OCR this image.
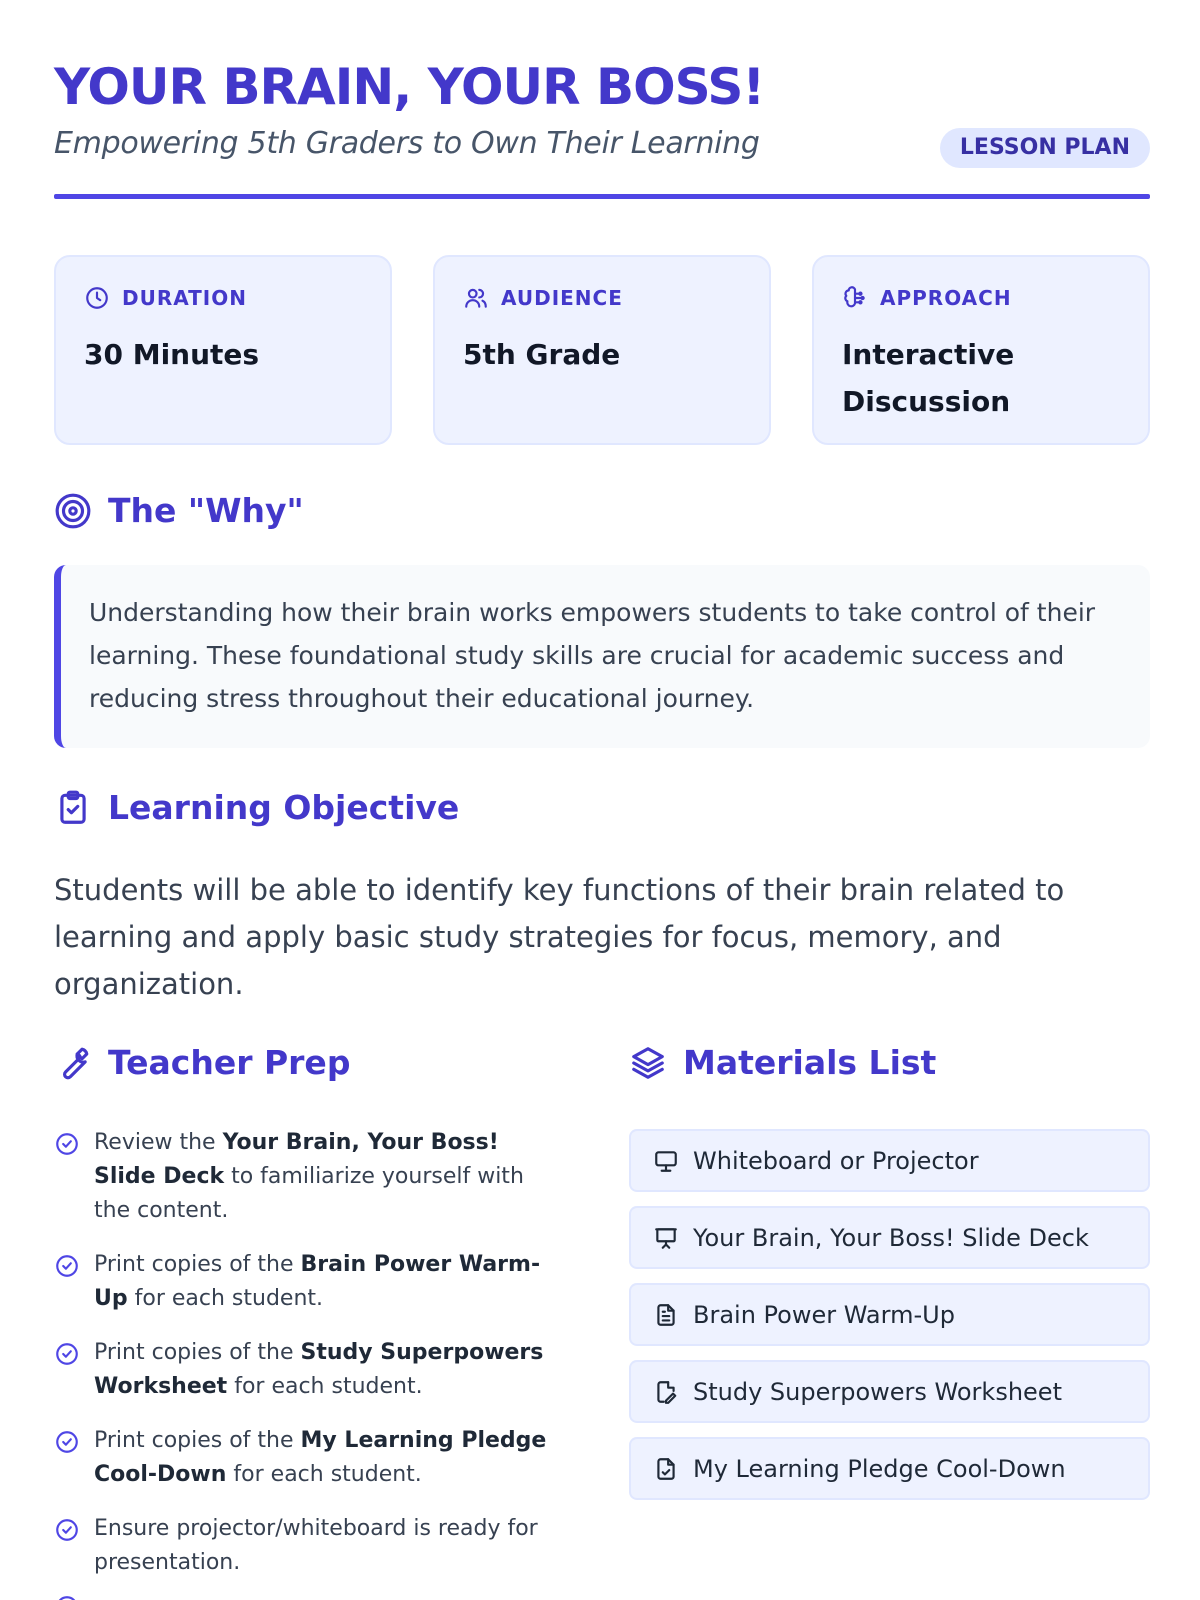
YOUR BRAIN, YOUR BOSS!
Empowering 5th Graders to Own Their Learning	LESSON PLAN
DURATION
30 Minutes
AUDIENCE
5th Grade
APPROACH
Interactive Discussion
The "Why"

Understanding how their brain works empowers students to take control of their learning. These foundational study skills are crucial for academic success and reducing stress throughout their educational journey.

Learning Objective

Students will be able to identify key functions of their brain related to learning and apply basic study strategies for focus, memory, and organization.

Teacher Prep
Review the Your Brain, Your Boss! Slide Deck to familiarize yourself with the content.
Print copies of the Brain Power Warm-Up for each student.
Print copies of the Study Superpowers Worksheet for each student.
Print copies of the My Learning Pledge Cool-Down for each student.
Ensure projector/whiteboard is ready for presentation.
Materials List
Whiteboard or Projector
Your Brain, Your Boss! Slide Deck
Brain Power Warm-Up
Study Superpowers Worksheet
My Learning Pledge Cool-Down
